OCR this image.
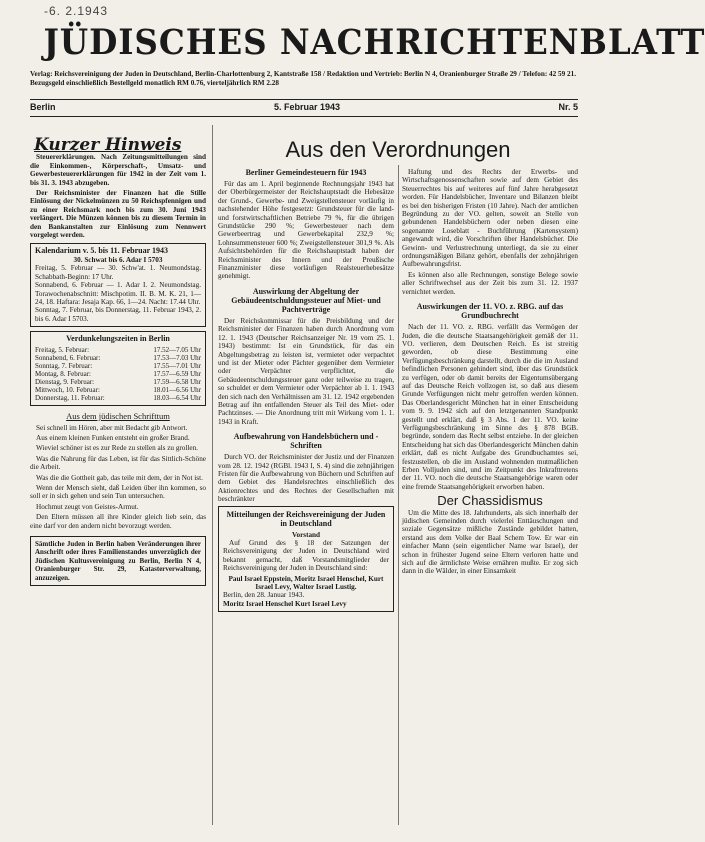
-6. 2.1943
JÜDISCHES NACHRICHTENBLATT
Verlag: Reichsvereinigung der Juden in Deutschland, Berlin-Charlottenburg 2, Kantstraße 158 / Redaktion und Vertrieb: Berlin N 4, Oranienburger Straße 29 / Telefon: 42 59 21. Bezugsgeld einschließlich Bestellgeld monatlich RM 0.76, vierteljährlich RM 2.28
Berlin	5. Februar 1943	Nr. 5
Kurzer Hinweis

Steuererklärungen. Nach Zeitungsmitteilungen sind die Einkommen-, Körperschaft-, Umsatz- und Gewerbesteuererklärungen für 1942 in der Zeit vom 1. bis 31. 3. 1943 abzugeben.

Der Reichsminister der Finanzen hat die Stille Einlösung der Nickelmünzen zu 50 Reichspfennigen und zu einer Reichsmark noch bis zum 30. Juni 1943 verlängert. Die Münzen können bis zu diesem Termin in den Bankanstalten zur Einlösung zum Nennwert vorgelegt werden.

Kalendarium v. 5. bis 11. Februar 1943
30. Schwat bis 6. Adar I 5703
Freitag, 5. Februar — 30. Schw'at. 1. Neumondstag. Schabbath-Beginn: 17 Uhr.
Sonnabend, 6. Februar — 1. Adar I. 2. Neumondstag. Torawochenabschnitt: Mischpotim. II. B. M. K. 21, 1—24, 18. Haftara: Jesaja Kap. 66, 1—24. Nacht: 17.44 Uhr.
Sonntag, 7. Februar, bis Donnerstag, 11. Februar 1943, 2. bis 6. Adar I 5703.
Verdunkelungszeiten in Berlin
Freitag, 5. Februar:	17.52—7.05 Uhr
Sonnabend, 6. Februar:	17.53—7.03 Uhr
Sonntag, 7. Februar:	17.55—7.01 Uhr
Montag, 8. Februar:	17.57—6.59 Uhr
Dienstag, 9. Februar:	17.59—6.58 Uhr
Mittwoch, 10. Februar:	18.01—6.56 Uhr
Donnerstag, 11. Februar:	18.03—6.54 Uhr
Aus dem jüdischen Schrifttum

Sei schnell im Hören, aber mit Bedacht gib Antwort.

Aus einem kleinen Funken entsteht ein großer Brand.

Wieviel schöner ist es zur Rede zu stellen als zu grollen.

Was die Nahrung für das Leben, ist für das Sittlich-Schöne die Arbeit.

Was die die Gottheit gab, das teile mit dem, der in Not ist.

Wenn der Mensch sieht, daß Leiden über ihn kommen, so soll er in sich gehen und sein Tun untersuchen.

Hochmut zeugt von Geistes-Armut.

Den Eltern müssen all ihre Kinder gleich lieb sein, das eine darf vor den andern nicht bevorzugt werden.

Sämtliche Juden in Berlin haben Veränderungen ihrer Anschrift oder ihres Familienstandes unverzüglich der Jüdischen Kultusvereinigung zu Berlin, Berlin N 4, Oranienburger Str. 29, Katasterverwaltung, anzuzeigen.
Aus den Verordnungen
Berliner Gemeindesteuern für 1943

Für das am 1. April beginnende Rechnungsjahr 1943 hat der Oberbürgermeister der Reichshauptstadt die Hebesätze der Grund-, Gewerbe- und Zweigstellensteuer vorläufig in nachstehender Höhe festgesetzt: Grundsteuer für die land- und forstwirtschaftlichen Betriebe 79 %, für die übrigen Grundstücke 290 %; Gewerbesteuer nach dem Gewerbeertrag und Gewerbekapital 232,9 %; Lohnsummensteuer 600 %; Zweigstellensteuer 301,9 %. Als Aufsichtsbehörden für die Reichshauptstadt haben der Reichsminister des Innern und der Preußische Finanzminister diese vorläufigen Realsteuerhebesätze genehmigt.

Auswirkung der Abgeltung der Gebäudeentschuldungssteuer auf Miet- und Pachtverträge

Der Reichskommissar für die Preisbildung und der Reichsminister der Finanzen haben durch Anordnung vom 12. 1. 1943 (Deutscher Reichsanzeiger Nr. 19 vom 25. 1. 1943) bestimmt: Ist ein Grundstück, für das ein Abgeltungsbetrag zu leisten ist, vermietet oder verpachtet und ist der Mieter oder Pächter gegenüber dem Vermieter oder Verpächter verpflichtet, die Gebäudeentschuldungssteuer ganz oder teilweise zu tragen, so schuldet er dem Vermieter oder Verpächter ab 1. 1. 1943 den sich nach den Verhältnissen am 31. 12. 1942 ergebenden Betrag auf ihn entfallenden Steuer als Teil des Miet- oder Pachtzinses. — Die Anordnung tritt mit Wirkung vom 1. 1. 1943 in Kraft.

Aufbewahrung von Handelsbüchern und -Schriften

Durch VO. der Reichsminister der Justiz und der Finanzen vom 28. 12. 1942 (RGBl. 1943 I, S. 4) sind die zehnjährigen Fristen für die Aufbewahrung von Büchern und Schriften auf dem Gebiet des Handelsrechtes einschließlich des Aktienrechtes und des Rechtes der Gesellschaften mit beschränkter

Mitteilungen der Reichsvereinigung der Juden in Deutschland
Vorstand

Auf Grund des § 18 der Satzungen der Reichsvereinigung der Juden in Deutschland wird bekannt gemacht, daß Vorstandsmitglieder der Reichsvereinigung der Juden in Deutschland sind:

Paul Israel Eppstein, Moritz Israel Henschel, Kurt Israel Levy, Walter Israel Lustig.
Berlin, den 28. Januar 1943.
Moritz Israel Henschel Kurt Israel Levy

Haftung und des Rechts der Erwerbs- und Wirtschaftsgenossenschaften sowie auf dem Gebiet des Steuerrechtes bis auf weiteres auf fünf Jahre herabgesetzt worden. Für Handelsbücher, Inventare und Bilanzen bleibt es bei den bisherigen Fristen (10 Jahre). Nach der amtlichen Begründung zu der VO. gelten, soweit an Stelle von gebundenen Handelsbüchern oder neben diesen eine sogenannte Loseblatt - Buchführung (Kartensystem) angewandt wird, die Vorschriften über Handelsbücher. Die Gewinn- und Verlustrechnung unterliegt, da sie zu einer ordnungsmäßigen Bilanz gehört, ebenfalls der zehnjährigen Aufbewahrungsfrist.

Es können also alle Rechnungen, sonstige Belege sowie aller Schriftwechsel aus der Zeit bis zum 31. 12. 1937 vernichtet werden.

Auswirkungen der 11. VO. z. RBG. auf das Grundbuchrecht

Nach der 11. VO. z. RBG. verfällt das Vermögen der Juden, die die deutsche Staatsangehörigkeit gemäß der 11. VO. verlieren, dem Deutschen Reich. Es ist streitig geworden, ob diese Bestimmung eine Verfügungsbeschränkung darstellt, durch die die im Ausland befindlichen Personen gehindert sind, über das Grundstück zu verfügen, oder ob damit bereits der Eigentumsübergang auf das Deutsche Reich vollzogen ist, so daß aus diesem Grunde Verfügungen nicht mehr getroffen werden können. Das Oberlandesgericht München hat in einer Entscheidung vom 9. 9. 1942 sich auf den letztgenannten Standpunkt gestellt und erklärt, daß § 3 Abs. 1 der 11. VO. keine Verfügungsbeschränkung im Sinne des § 878 BGB. begründe, sondern das Recht selbst entziehe. In der gleichen Entscheidung hat sich das Oberlandesgericht München dahin erklärt, daß es nicht Aufgabe des Grundbuchamtes sei, festzustellen, ob die im Ausland wohnenden mutmaßlichen Erben Volljuden sind, und im Zeitpunkt des Inkrafttretens der 11. VO. noch die deutsche Staatsangehörige waren oder eine fremde Staatsangehörigkeit erworben haben.

Der Chassidismus

Um die Mitte des 18. Jahrhunderts, als sich innerhalb der jüdischen Gemeinden durch vielerlei Enttäuschungen und soziale Gegensätze mißliche Zustände gebildet hatten, erstand aus dem Volke der Baal Schem Tow. Er war ein einfacher Mann (sein eigentlicher Name war Israel), der schon in frühester Jugend seine Eltern verloren hatte und sich auf die ärmlichste Weise ernähren mußte. Er zog sich dann in die Wälder, in einer Einsamkeit
